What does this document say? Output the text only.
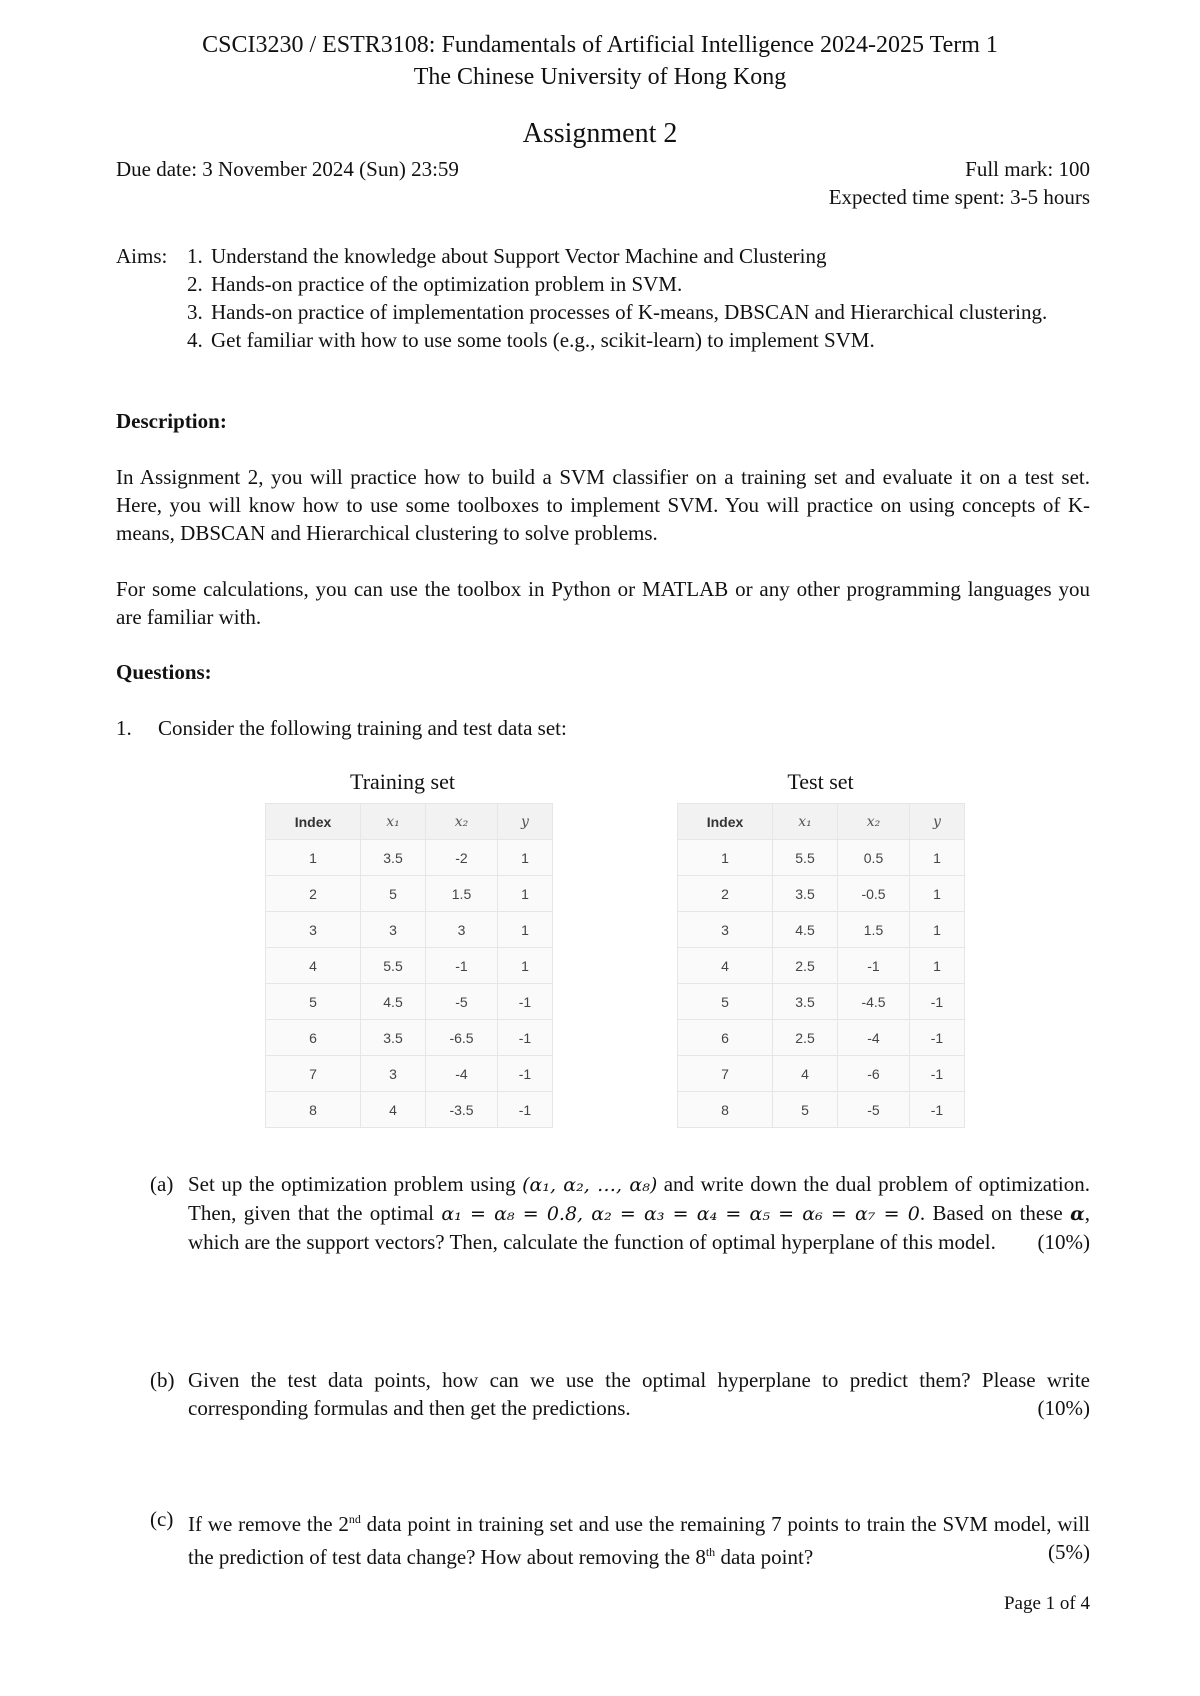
CSCI3230 / ESTR3108: Fundamentals of Artificial Intelligence 2024-2025 Term 1
The Chinese University of Hong Kong
Assignment 2
Due date: 3 November 2024 (Sun) 23:59	Full mark: 100
Expected time spent: 3-5 hours
Aims: 1. Understand the knowledge about Support Vector Machine and Clustering
2. Hands-on practice of the optimization problem in SVM.
3. Hands-on practice of implementation processes of K-means, DBSCAN and Hierarchical clustering.
4. Get familiar with how to use some tools (e.g., scikit-learn) to implement SVM.
Description:
In Assignment 2, you will practice how to build a SVM classifier on a training set and evaluate it on a test set. Here, you will know how to use some toolboxes to implement SVM. You will practice on using concepts of K-means, DBSCAN and Hierarchical clustering to solve problems.
For some calculations, you can use the toolbox in Python or MATLAB or any other programming languages you are familiar with.
Questions:
1. Consider the following training and test data set:
Training set
Index	x₁	x₂	y
1	3.5	-2	1
2	5	1.5	1
3	3	3	1
4	5.5	-1	1
5	4.5	-5	-1
6	3.5	-6.5	-1
7	3	-4	-1
8	4	-3.5	-1
Test set
Index	x₁	x₂	y
1	5.5	0.5	1
2	3.5	-0.5	1
3	4.5	1.5	1
4	2.5	-1	1
5	3.5	-4.5	-1
6	2.5	-4	-1
7	4	-6	-1
8	5	-5	-1
(a) Set up the optimization problem using (α₁, α₂, …, α₈) and write down the dual problem of optimization. Then, given that the optimal α₁ = α₈ = 0.8, α₂ = α₃ = α₄ = α₅ = α₆ = α₇ = 0. Based on these α, which are the support vectors? Then, calculate the function of optimal hyperplane of this model. (10%)
(b) Given the test data points, how can we use the optimal hyperplane to predict them? Please write corresponding formulas and then get the predictions.	(10%)
(c) If we remove the 2nd data point in training set and use the remaining 7 points to train the SVM model, will the prediction of test data change? How about removing the 8th data point?	(5%)
Page 1 of 4
